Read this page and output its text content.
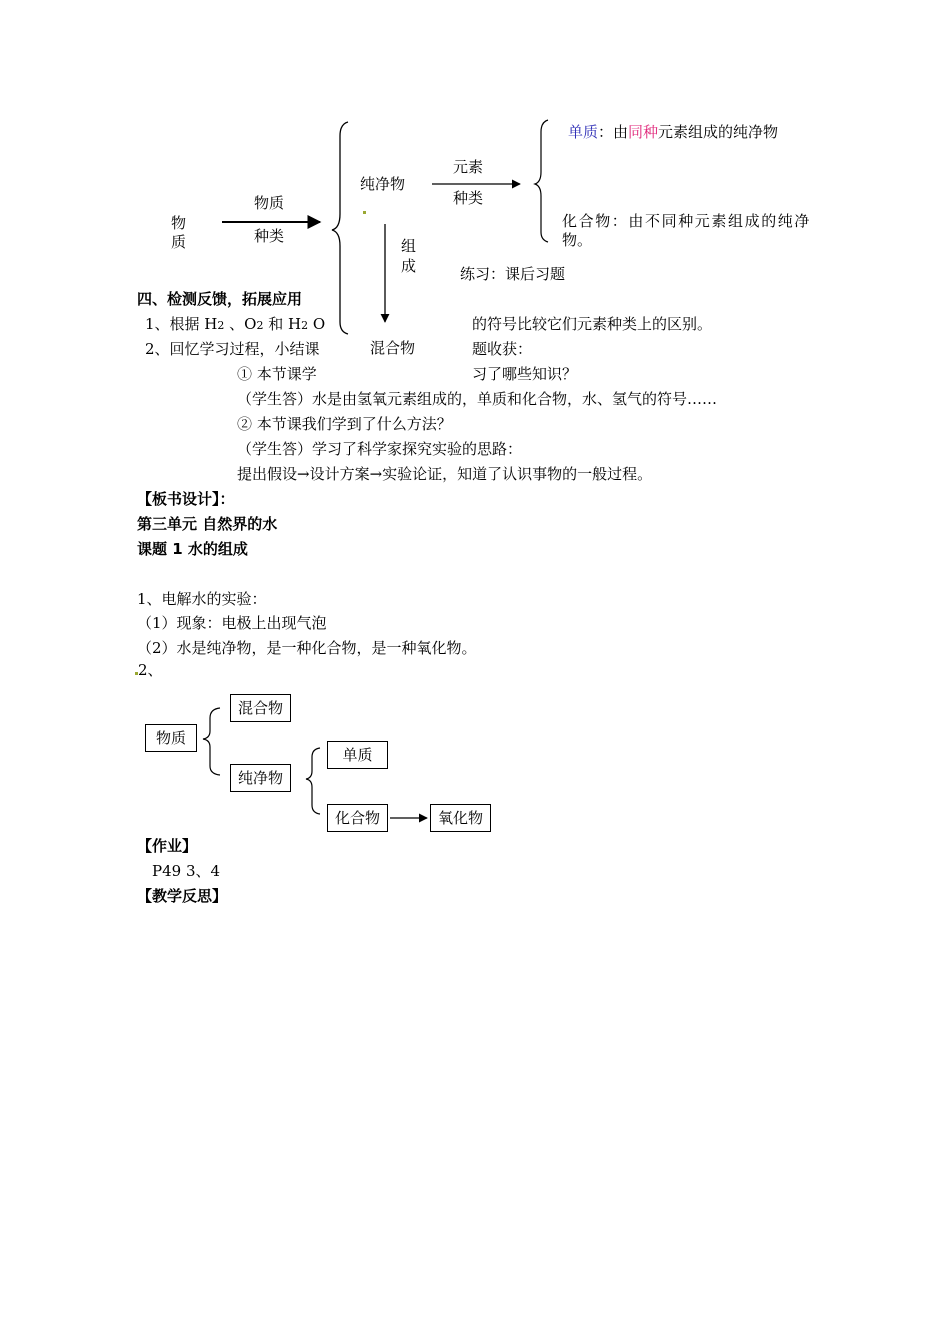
物
质
物质
种类
纯净物
元素
种类
组
成
混合物
单质：由同种元素组成的纯净物
化合物：由不同种元素组成的纯净
物。
练习：课后习题
四、检测反馈，拓展应用
1、根据 H2 、O2 和 H2 O	的符号比较它们元素种类上的区别。
2、回忆学习过程，小结课	题收获：
① 本节课学	习了哪些知识？
（学生答）水是由氢氧元素组成的，单质和化合物，水、氢气的符号……
② 本节课我们学到了什么方法？
（学生答）学习了科学家探究实验的思路：
提出假设→设计方案→实验论证，知道了认识事物的一般过程。
【板书设计】：
第三单元 自然界的水
课题 1 水的组成
1、电解水的实验：
（1）现象：电极上出现气泡
（2）水是纯净物，是一种化合物，是一种氧化物。
2、
物质
混合物
纯净物
单质
化合物	氧化物
【作业】
P49 3、4
【教学反思】
